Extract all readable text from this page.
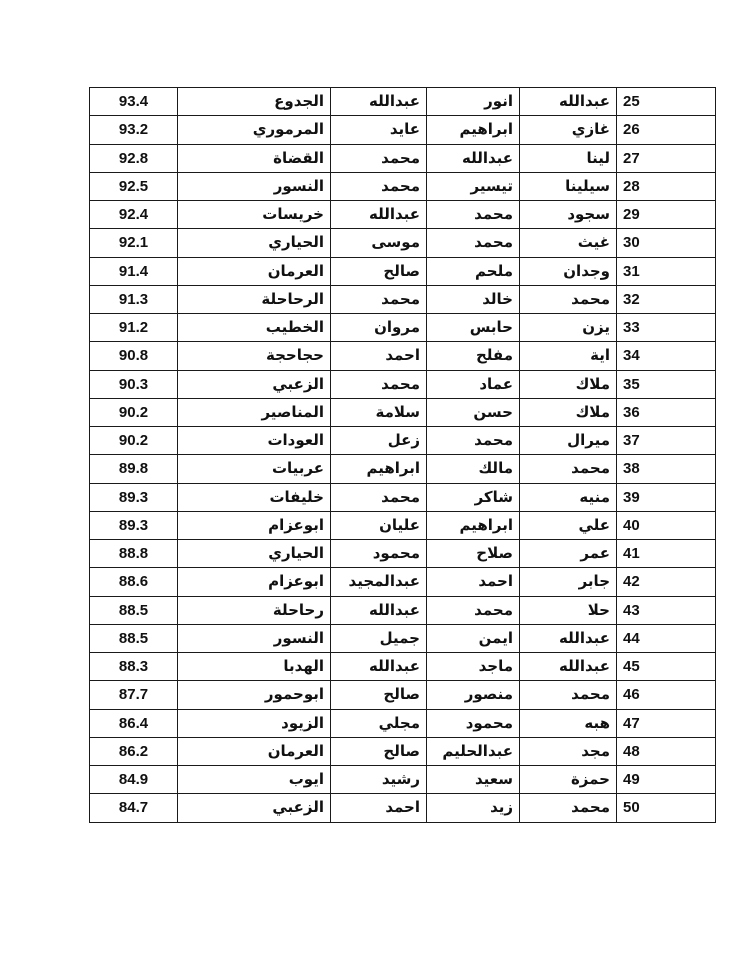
93.4	الجدوع	عبدالله	انور	عبدالله	25
93.2	المرموري	عايد	ابراهيم	غازي	26
92.8	القضاة	محمد	عبدالله	لينا	27
92.5	النسور	محمد	تيسير	سيلينا	28
92.4	خريسات	عبدالله	محمد	سجود	29
92.1	الحياري	موسى	محمد	غيث	30
91.4	العرمان	صالح	ملحم	وجدان	31
91.3	الرحاحلة	محمد	خالد	محمد	32
91.2	الخطيب	مروان	حابس	يزن	33
90.8	حجاحجة	احمد	مفلح	اية	34
90.3	الزعبي	محمد	عماد	ملاك	35
90.2	المناصير	سلامة	حسن	ملاك	36
90.2	العودات	زعل	محمد	ميرال	37
89.8	عربيات	ابراهيم	مالك	محمد	38
89.3	خليفات	محمد	شاكر	منيه	39
89.3	ابوعزام	عليان	ابراهيم	علي	40
88.8	الحياري	محمود	صلاح	عمر	41
88.6	ابوعزام	عبدالمجيد	احمد	جابر	42
88.5	رحاحلة	عبدالله	محمد	حلا	43
88.5	النسور	جميل	ايمن	عبدالله	44
88.3	الهدبا	عبدالله	ماجد	عبدالله	45
87.7	ابوحمور	صالح	منصور	محمد	46
86.4	الزيود	مجلي	محمود	هبه	47
86.2	العرمان	صالح	عبدالحليم	مجد	48
84.9	ايوب	رشيد	سعيد	حمزة	49
84.7	الزعبي	احمد	زيد	محمد	50
